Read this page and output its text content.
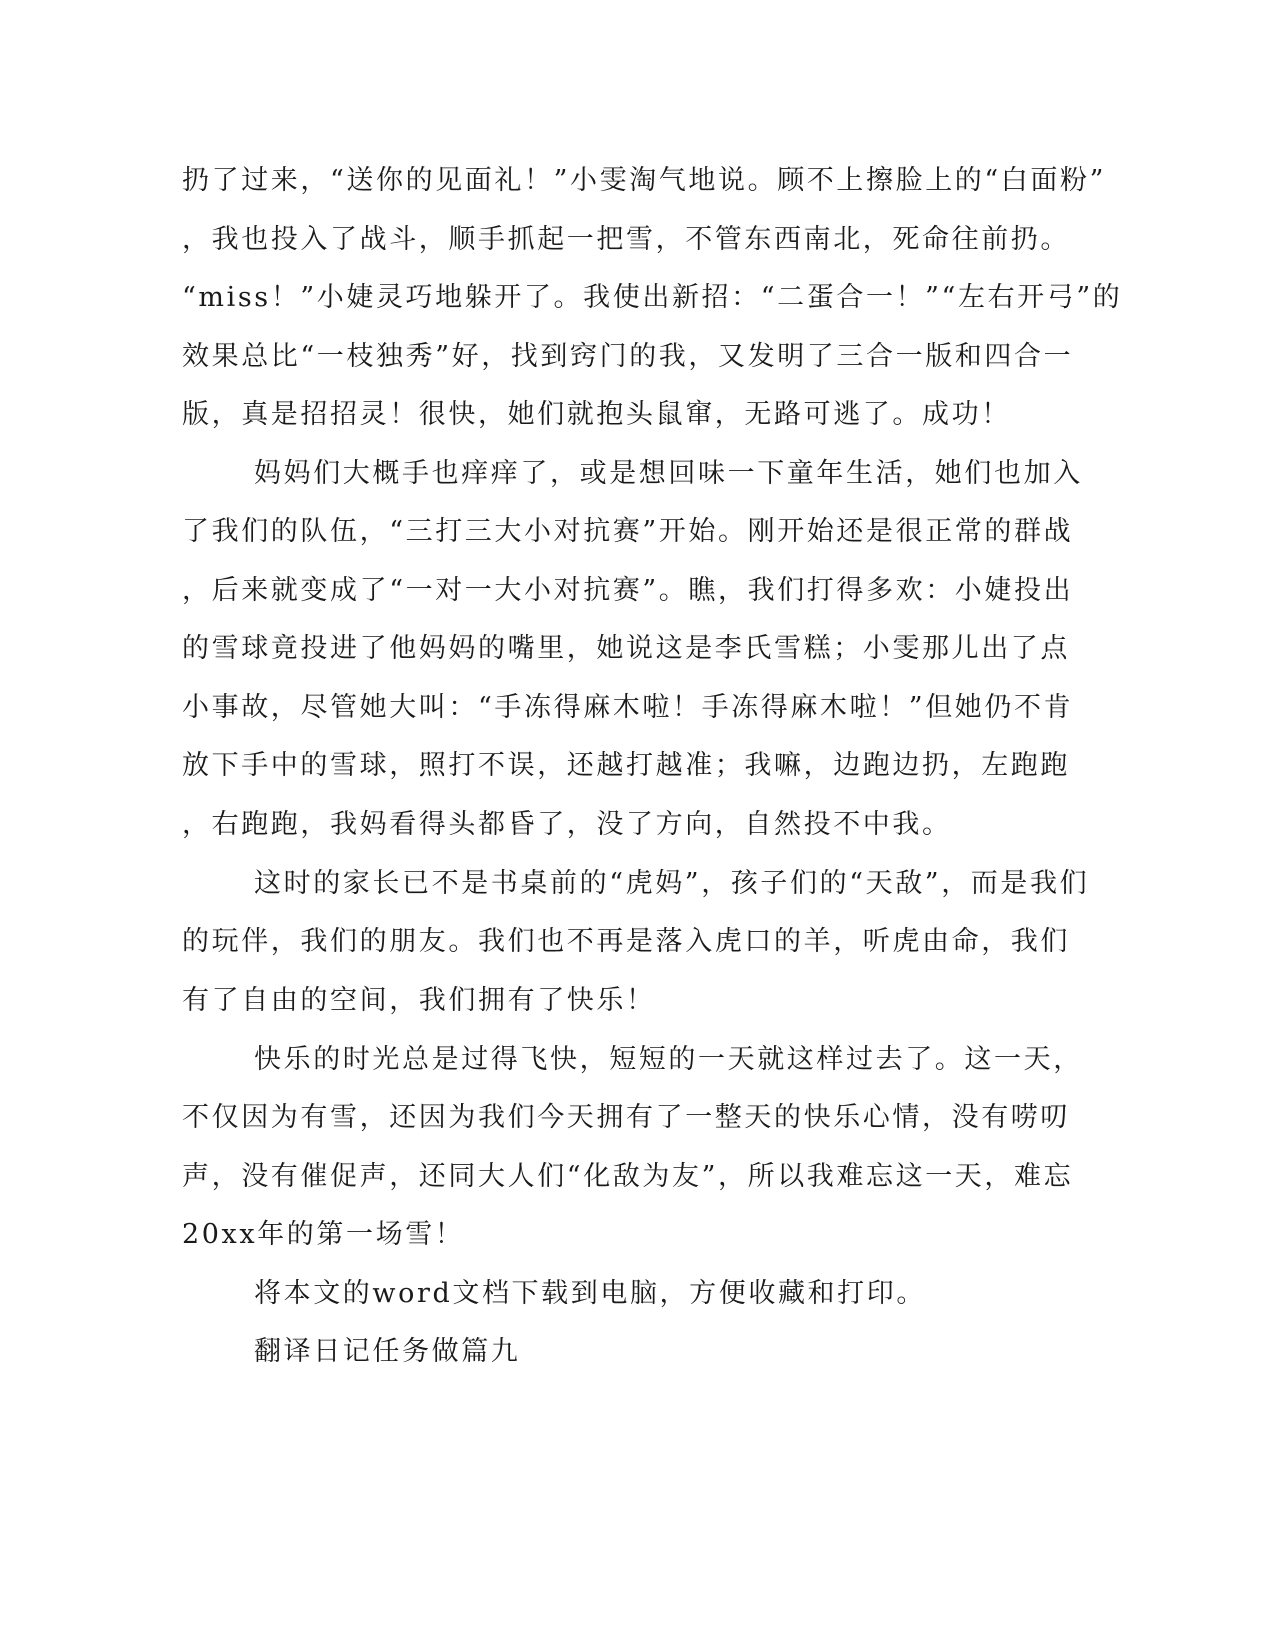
扔了过来，“送你的见面礼！”小雯淘气地说。顾不上擦脸上的“白面粉”
，我也投入了战斗，顺手抓起一把雪，不管东西南北，死命往前扔。
“miss！”小婕灵巧地躲开了。我使出新招：“二蛋合一！”“左右开弓”的
效果总比“一枝独秀”好，找到窍门的我，又发明了三合一版和四合一
版，真是招招灵！很快，她们就抱头鼠窜，无路可逃了。成功！
妈妈们大概手也痒痒了，或是想回味一下童年生活，她们也加入
了我们的队伍，“三打三大小对抗赛”开始。刚开始还是很正常的群战
，后来就变成了“一对一大小对抗赛”。瞧，我们打得多欢：小婕投出
的雪球竟投进了他妈妈的嘴里，她说这是李氏雪糕；小雯那儿出了点
小事故，尽管她大叫：“手冻得麻木啦！手冻得麻木啦！”但她仍不肯
放下手中的雪球，照打不误，还越打越准；我嘛，边跑边扔，左跑跑
，右跑跑，我妈看得头都昏了，没了方向，自然投不中我。
这时的家长已不是书桌前的“虎妈”，孩子们的“天敌”，而是我们
的玩伴，我们的朋友。我们也不再是落入虎口的羊，听虎由命，我们
有了自由的空间，我们拥有了快乐！
快乐的时光总是过得飞快，短短的一天就这样过去了。这一天，
不仅因为有雪，还因为我们今天拥有了一整天的快乐心情，没有唠叨
声，没有催促声，还同大人们“化敌为友”，所以我难忘这一天，难忘
20xx年的第一场雪！
将本文的word文档下载到电脑，方便收藏和打印。
翻译日记任务做篇九
